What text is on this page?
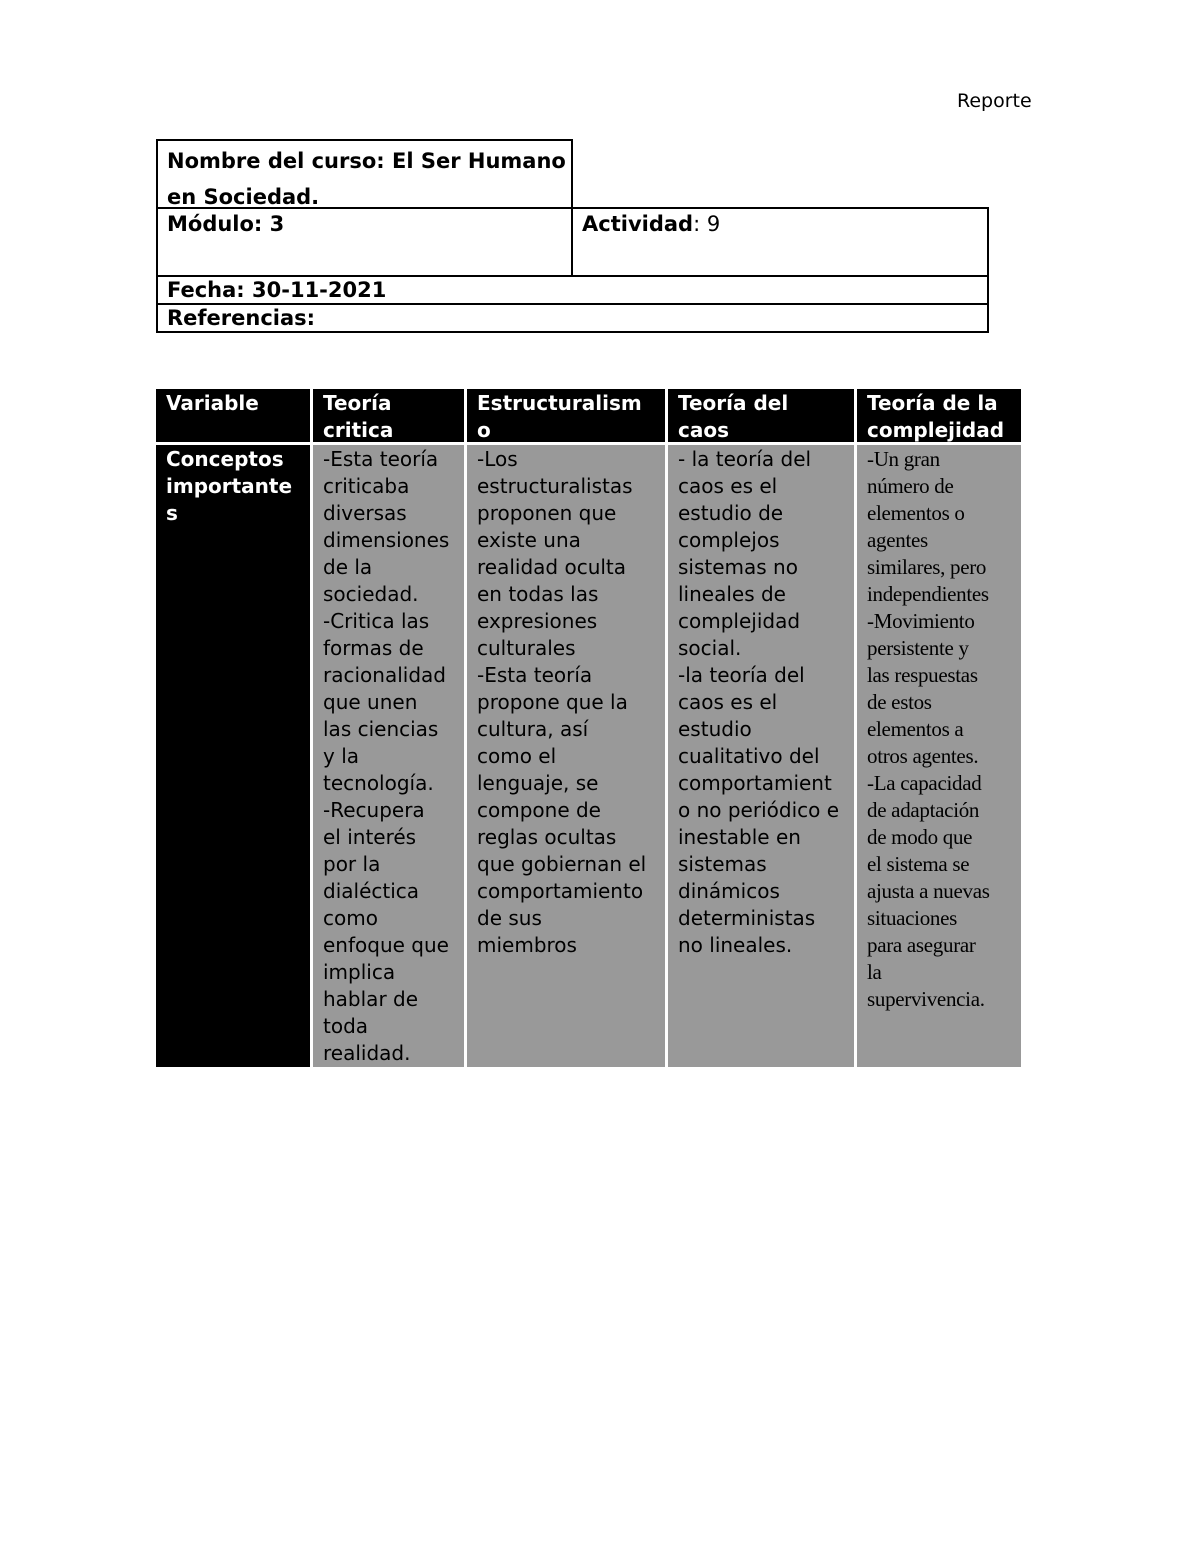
Reporte
Nombre del curso: El Ser Humano
en Sociedad.
Módulo: 3	Actividad: 9
Fecha: 30-11-2021
Referencias:
Variable
Conceptos
importante
s
Teoría
critica
-Esta teoría
criticaba
diversas
dimensiones
de la
sociedad.
-Critica las
formas de
racionalidad
que unen
las ciencias
y la
tecnología.
-Recupera
el interés
por la
dialéctica
como
enfoque que
implica
hablar de
toda
realidad.
Estructuralism
o
-Los
estructuralistas
proponen que
existe una
realidad oculta
en todas las
expresiones
culturales
-Esta teoría
propone que la
cultura, así
como el
lenguaje, se
compone de
reglas ocultas
que gobiernan el
comportamiento
de sus
miembros
Teoría del
caos
- la teoría del
caos es el
estudio de
complejos
sistemas no
lineales de
complejidad
social.
-la teoría del
caos es el
estudio
cualitativo del
comportamient
o no periódico e
inestable en
sistemas
dinámicos
deterministas
no lineales.
Teoría de la
complejidad
-Un gran
número de
elementos o
agentes
similares, pero
independientes
-Movimiento
persistente y
las respuestas
de estos
elementos a
otros agentes.
-La capacidad
de adaptación
de modo que
el sistema se
ajusta a nuevas
situaciones
para asegurar
la
supervivencia.
